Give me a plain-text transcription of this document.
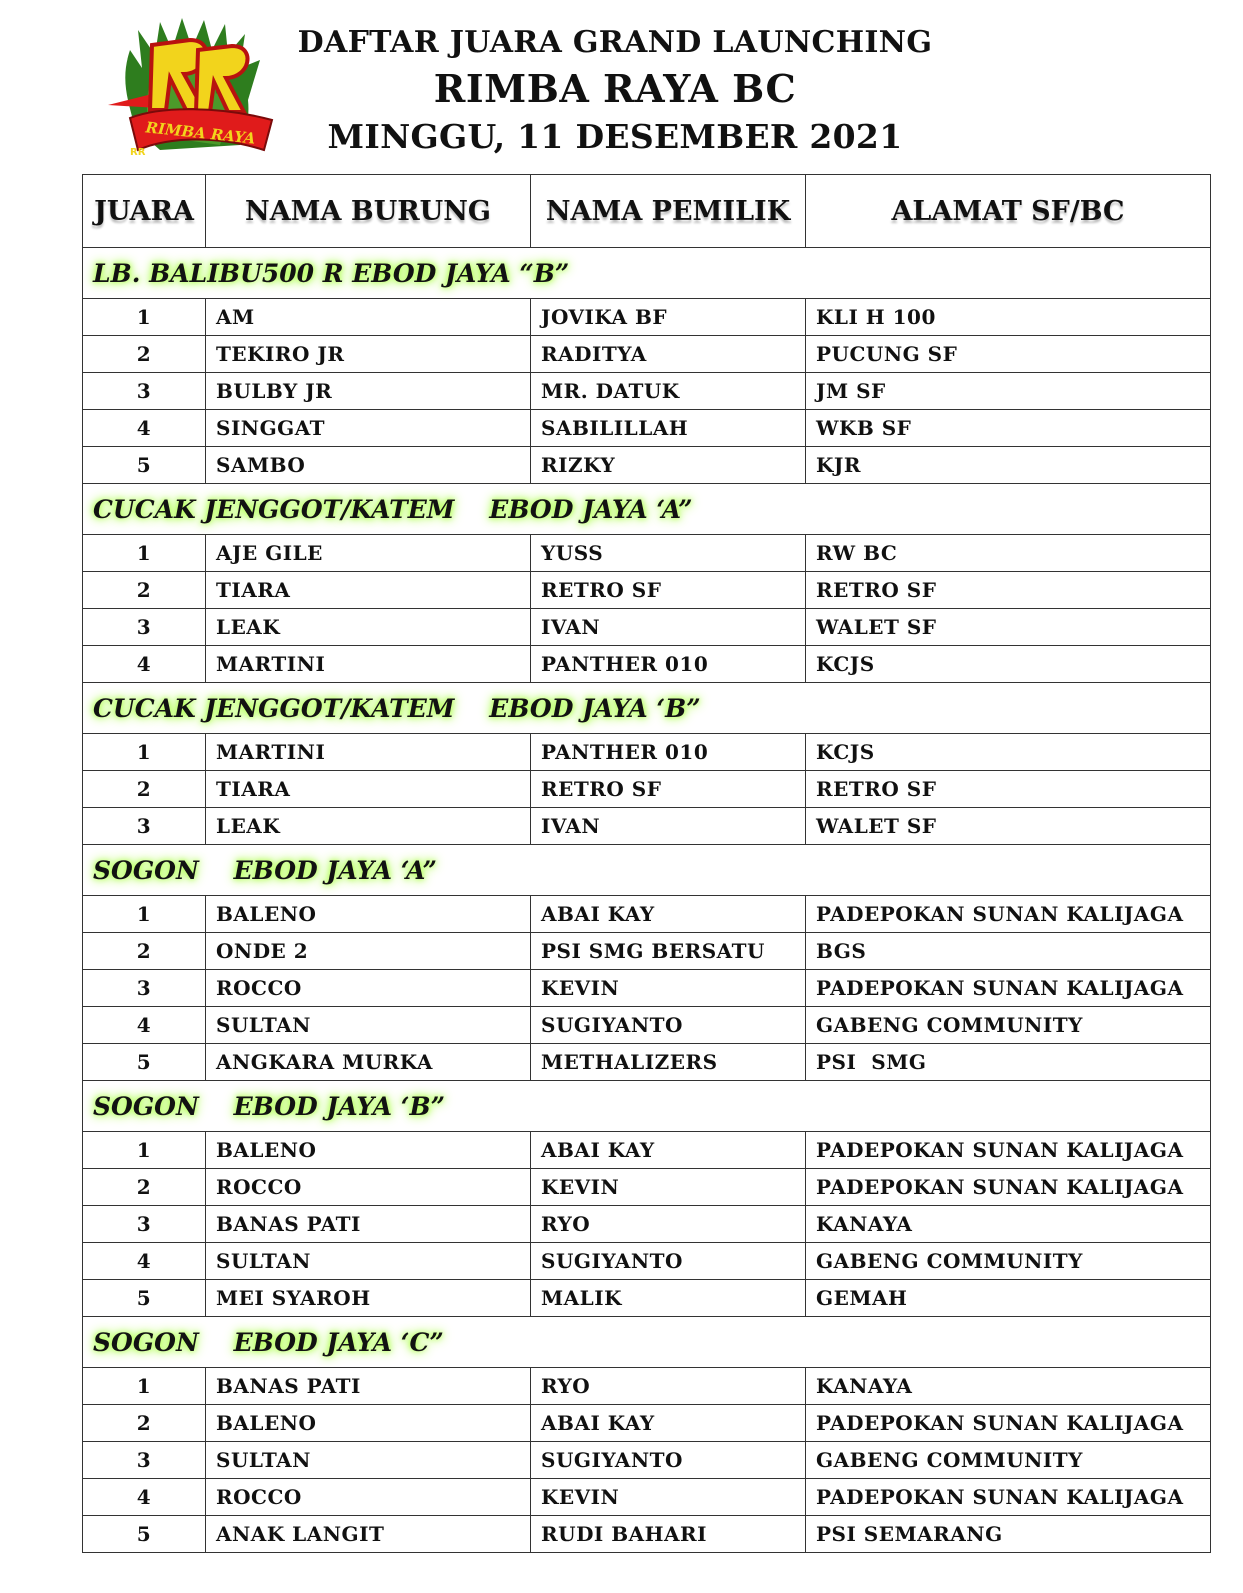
RIMBA RAYA
RR
DAFTAR JUARA GRAND LAUNCHING
RIMBA RAYA BC
MINGGU, 11 DESEMBER 2021
JUARA	NAMA BURUNG	NAMA PEMILIK	ALAMAT SF/BC
LB. BALIBU500 R EBOD JAYA “B”			
1	AM	JOVIKA BF	KLI H 100
2	TEKIRO JR	RADITYA	PUCUNG SF
3	BULBY JR	MR. DATUK	JM SF
4	SINGGAT	SABILILLAH	WKB SF
5	SAMBO	RIZKY	KJR
CUCAK JENGGOT/KATEM    EBOD JAYA ‘A”			
1	AJE GILE	YUSS	RW BC
2	TIARA	RETRO SF	RETRO SF
3	LEAK	IVAN	WALET SF
4	MARTINI	PANTHER 010	KCJS
CUCAK JENGGOT/KATEM    EBOD JAYA ‘B”			
1	MARTINI	PANTHER 010	KCJS
2	TIARA	RETRO SF	RETRO SF
3	LEAK	IVAN	WALET SF
SOGON    EBOD JAYA ‘A”			
1	BALENO	ABAI KAY	PADEPOKAN SUNAN KALIJAGA
2	ONDE 2	PSI SMG BERSATU	BGS
3	ROCCO	KEVIN	PADEPOKAN SUNAN KALIJAGA
4	SULTAN	SUGIYANTO	GABENG COMMUNITY
5	ANGKARA MURKA	METHALIZERS	PSI  SMG
SOGON    EBOD JAYA ‘B”			
1	BALENO	ABAI KAY	PADEPOKAN SUNAN KALIJAGA
2	ROCCO	KEVIN	PADEPOKAN SUNAN KALIJAGA
3	BANAS PATI	RYO	KANAYA
4	SULTAN	SUGIYANTO	GABENG COMMUNITY
5	MEI SYAROH	MALIK	GEMAH
SOGON    EBOD JAYA ‘C”			
1	BANAS PATI	RYO	KANAYA
2	BALENO	ABAI KAY	PADEPOKAN SUNAN KALIJAGA
3	SULTAN	SUGIYANTO	GABENG COMMUNITY
4	ROCCO	KEVIN	PADEPOKAN SUNAN KALIJAGA
5	ANAK LANGIT	RUDI BAHARI	PSI SEMARANG
